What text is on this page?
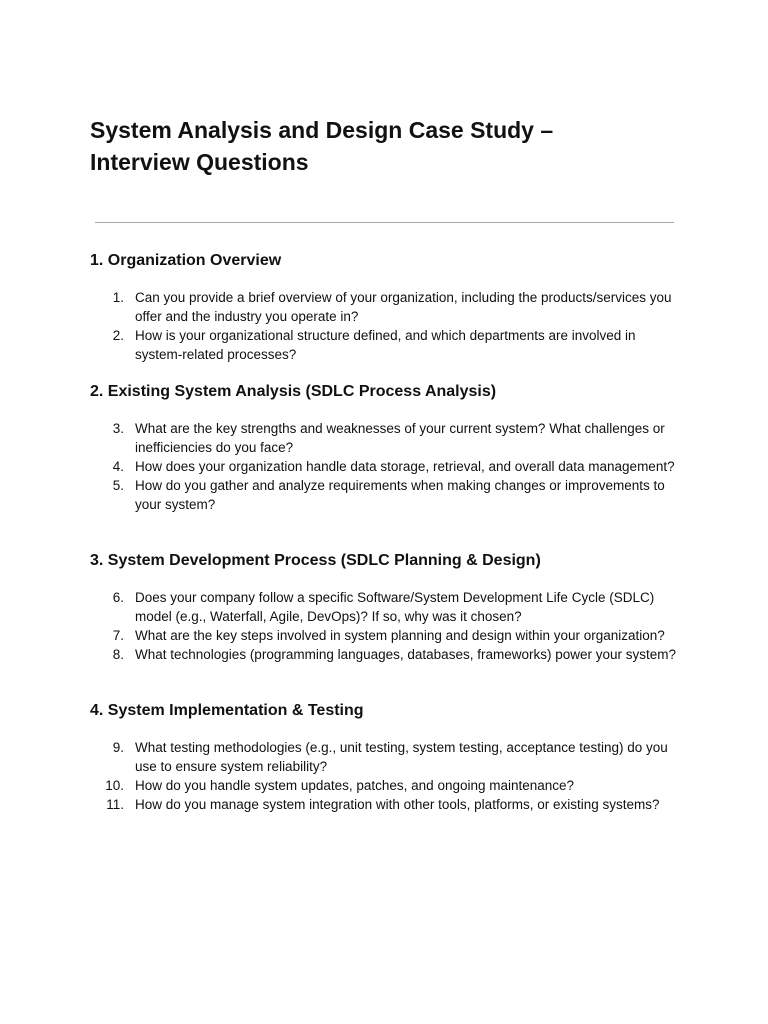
System Analysis and Design Case Study – Interview Questions
1. Organization Overview
1. Can you provide a brief overview of your organization, including the products/services you offer and the industry you operate in?
2. How is your organizational structure defined, and which departments are involved in system-related processes?
2. Existing System Analysis (SDLC Process Analysis)
3. What are the key strengths and weaknesses of your current system? What challenges or inefficiencies do you face?
4. How does your organization handle data storage, retrieval, and overall data management?
5. How do you gather and analyze requirements when making changes or improvements to your system?
3. System Development Process (SDLC Planning & Design)
6. Does your company follow a specific Software/System Development Life Cycle (SDLC) model (e.g., Waterfall, Agile, DevOps)? If so, why was it chosen?
7. What are the key steps involved in system planning and design within your organization?
8. What technologies (programming languages, databases, frameworks) power your system?
4. System Implementation & Testing
9. What testing methodologies (e.g., unit testing, system testing, acceptance testing) do you use to ensure system reliability?
10. How do you handle system updates, patches, and ongoing maintenance?
11. How do you manage system integration with other tools, platforms, or existing systems?
